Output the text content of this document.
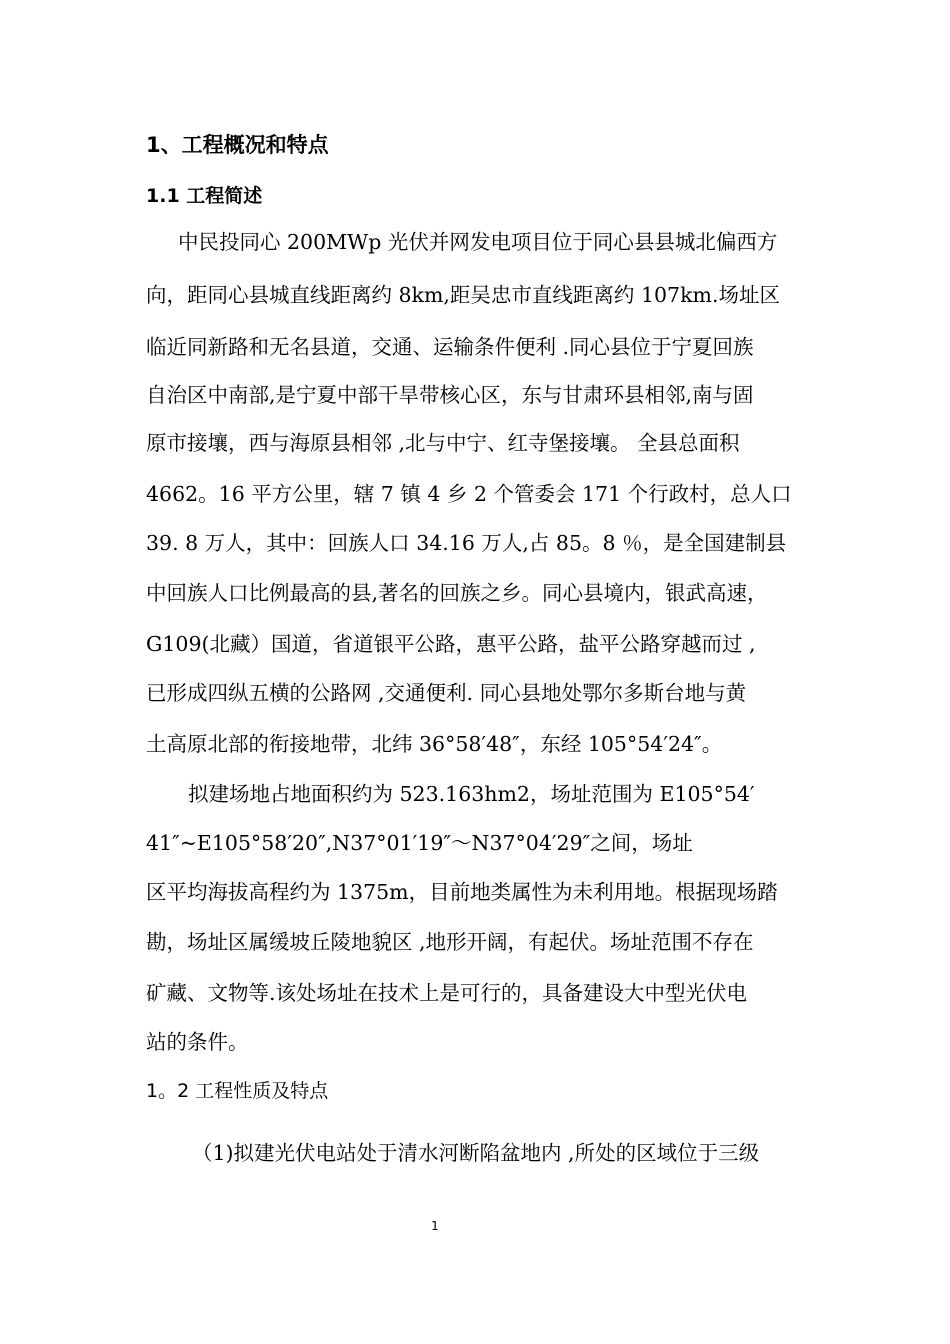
1、工程概况和特点
1.1 工程简述
中民投同心 200MWp 光伏并网发电项目位于同心县县城北偏西方
向，距同心县城直线距离约 8km,距吴忠市直线距离约 107km.场址区
临近同新路和无名县道，交通、运输条件便利 .同心县位于宁夏回族
自治区中南部,是宁夏中部干旱带核心区，东与甘肃环县相邻,南与固
原市接壤，西与海原县相邻 ,北与中宁、红寺堡接壤。 全县总面积
4662。16 平方公里，辖 7 镇 4 乡 2 个管委会 171 个行政村，总人口
39. 8 万人，其中：回族人口 34.16 万人,占 85。8 ％，是全国建制县
中回族人口比例最高的县,著名的回族之乡。同心县境内，银武高速，
G109(北藏）国道，省道银平公路，惠平公路，盐平公路穿越而过 ,
已形成四纵五横的公路网 ,交通便利. 同心县地处鄂尔多斯台地与黄
土高原北部的衔接地带，北纬 36°58′48″，东经 105°54′24″。
拟建场地占地面积约为 523.163hm2，场址范围为 E105°54′
41″~E105°58′20″,N37°01′19″～N37°04′29″之间，场址
区平均海拔高程约为 1375m，目前地类属性为未利用地。根据现场踏
勘，场址区属缓坡丘陵地貌区 ,地形开阔，有起伏。场址范围不存在
矿藏、文物等.该处场址在技术上是可行的，具备建设大中型光伏电
站的条件。
1。2 工程性质及特点
（1)拟建光伏电站处于清水河断陷盆地内 ,所处的区域位于三级
1
